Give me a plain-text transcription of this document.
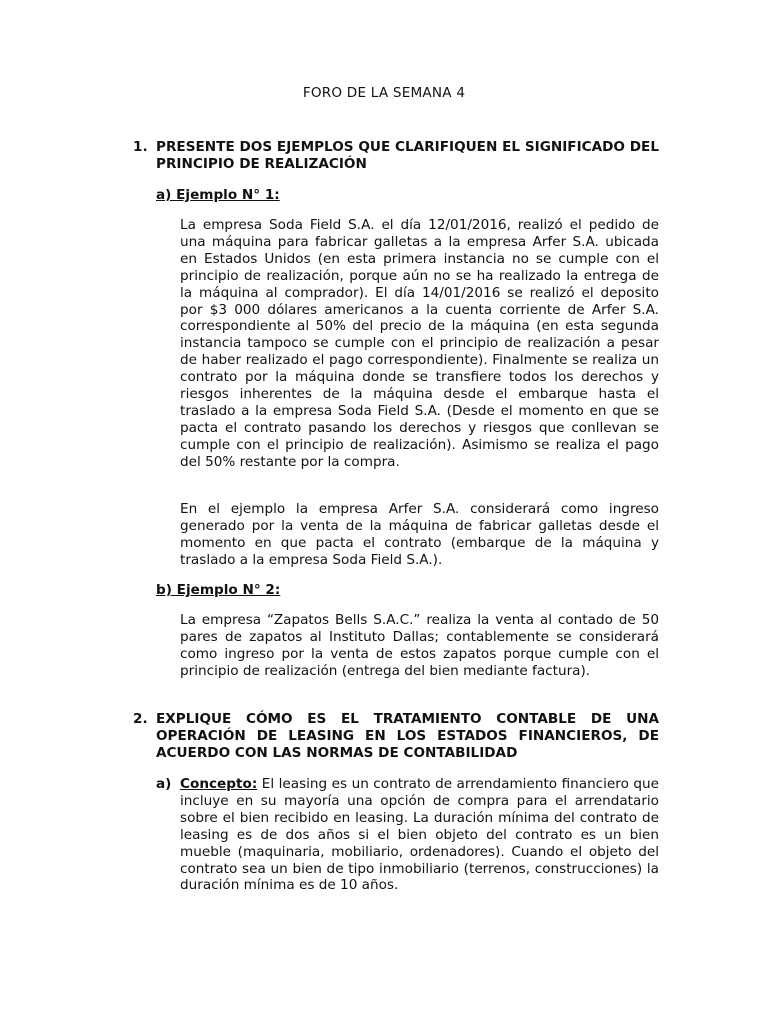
FORO DE LA SEMANA 4
1. PRESENTE DOS EJEMPLOS QUE CLARIFIQUEN EL SIGNIFICADO DEL PRINCIPIO DE REALIZACIÓN
a) Ejemplo N° 1:
La empresa Soda Field S.A. el día 12/01/2016, realizó el pedido de una máquina para fabricar galletas a la empresa Arfer S.A. ubicada en Estados Unidos (en esta primera instancia no se cumple con el principio de realización, porque aún no se ha realizado la entrega de la máquina al comprador). El día 14/01/2016 se realizó el deposito por $3 000 dólares americanos a la cuenta corriente de Arfer S.A. correspondiente al 50% del precio de la máquina (en esta segunda instancia tampoco se cumple con el principio de realización a pesar de haber realizado el pago correspondiente). Finalmente se realiza un contrato por la máquina donde se transfiere todos los derechos y riesgos inherentes de la máquina desde el embarque hasta el traslado a la empresa Soda Field S.A. (Desde el momento en que se pacta el contrato pasando los derechos y riesgos que conllevan se cumple con el principio de realización). Asimismo se realiza el pago del 50% restante por la compra.
En el ejemplo la empresa Arfer S.A. considerará como ingreso generado por la venta de la máquina de fabricar galletas desde el momento en que pacta el contrato (embarque de la máquina y traslado a la empresa Soda Field S.A.).
b) Ejemplo N° 2:
La empresa “Zapatos Bells S.A.C.” realiza la venta al contado de 50 pares de zapatos al Instituto Dallas; contablemente se considerará como ingreso por la venta de estos zapatos porque cumple con el principio de realización (entrega del bien mediante factura).
2. EXPLIQUE CÓMO ES EL TRATAMIENTO CONTABLE DE UNA OPERACIÓN DE LEASING EN LOS ESTADOS FINANCIEROS, DE ACUERDO CON LAS NORMAS DE CONTABILIDAD
a) Concepto: El leasing es un contrato de arrendamiento financiero que incluye en su mayoría una opción de compra para el arrendatario sobre el bien recibido en leasing. La duración mínima del contrato de leasing es de dos años si el bien objeto del contrato es un bien mueble (maquinaria, mobiliario, ordenadores). Cuando el objeto del contrato sea un bien de tipo inmobiliario (terrenos, construcciones) la duración mínima es de 10 años.
